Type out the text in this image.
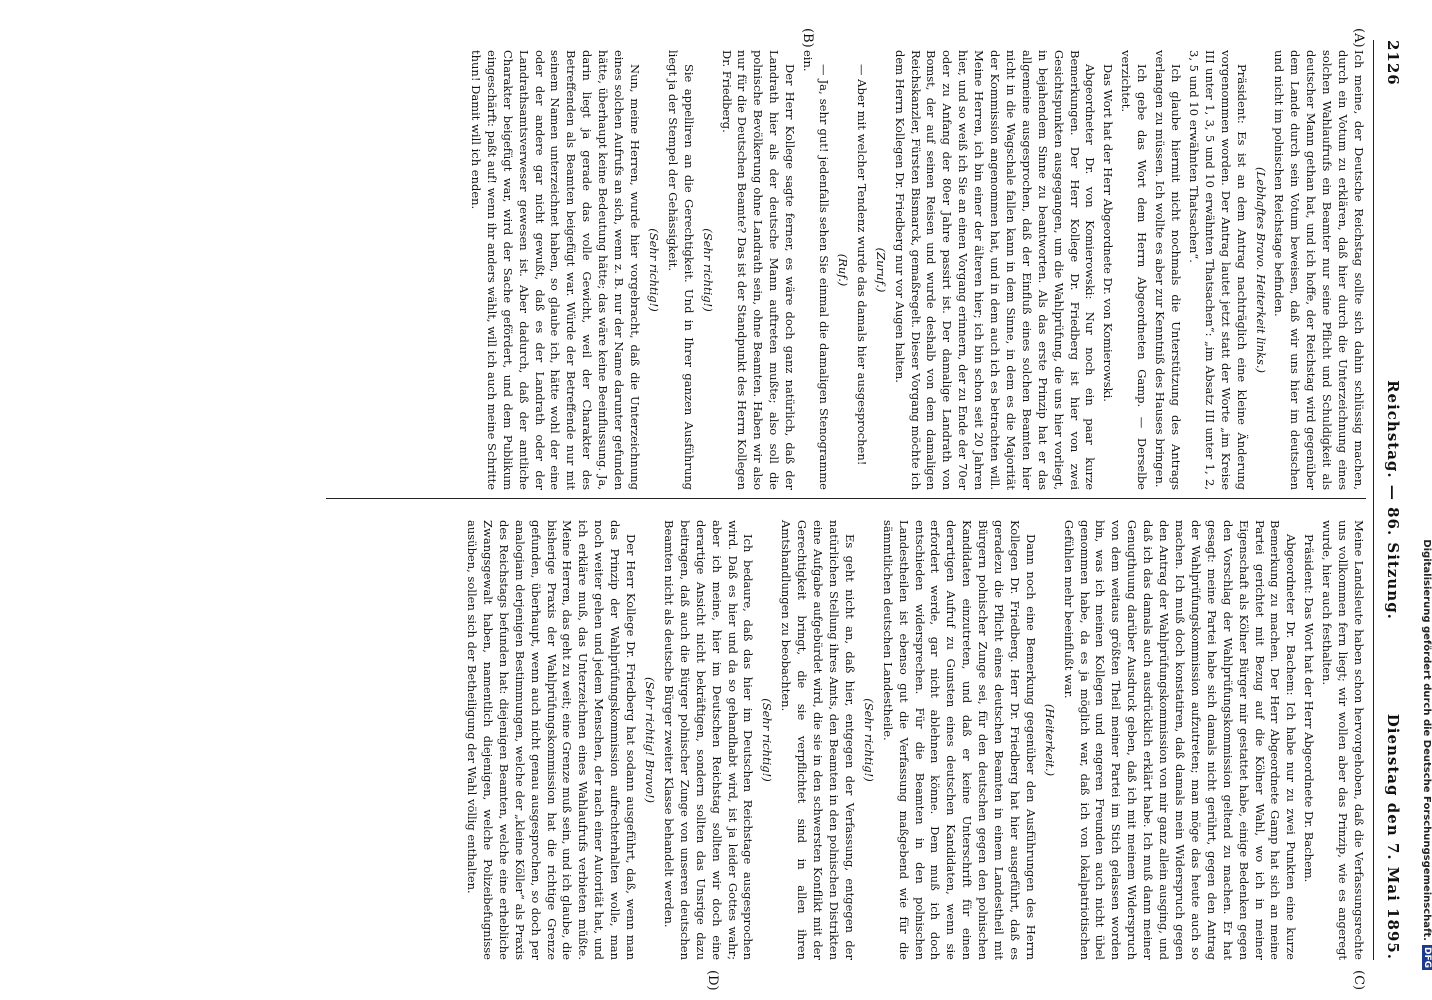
2126
Reichstag. — 86. Sitzung.
Dienstag den 7. Mai 1895.
(A)
(B)
(C)
(D)

Ich meine, der Deutsche Reichstag sollte sich dahin schlüssig machen, durch ein Votum zu erklären, daß hier durch die Unterzeichnung eines solchen Wahlaufrufs ein Beamter nur seine Pflicht und Schuldigkeit als deutscher Mann gethan hat, und ich hoffe, der Reichstag wird gegenüber dem Lande durch sein Votum beweisen, daß wir uns hier im deutschen und nicht im polnischen Reichstage befinden.

(Lebhaftes Bravo. Heiterkeit links.)

Präsident: Es ist an dem Antrag nachträglich eine kleine Änderung vorgenommen worden. Der Antrag lautet jetzt statt der Worte „im Kreise III unter 1, 3, 5 und 10 erwähnten Thatsachen“: „im Absatz III unter 1, 2, 3, 5 und 10 erwähnten Thatsachen“.

Ich glaube hiermit nicht nochmals die Unterstützung des Antrags verlangen zu müssen. Ich wollte es aber zur Kenntniß des Hauses bringen.

Ich gebe das Wort dem Herrn Abgeordneten Gamp. — Derselbe verzichtet.

Das Wort hat der Herr Abgeordnete Dr. von Komierowski.

Abgeordneter Dr. von Komierowski: Nur noch ein paar kurze Bemerkungen. Der Herr Kollege Dr. Friedberg ist hier von zwei Gesichtspunkten ausgegangen, um die Wahlprüfung, die uns hier vorliegt, in bejahendem Sinne zu beantworten. Als das erste Prinzip hat er das allgemeine ausgesprochen, daß der Einfluß eines solchen Beamten hier nicht in die Wagschale fallen kann in dem Sinne, in dem es die Majorität der Kommission angenommen hat, und in dem auch ich es betrachten will. Meine Herren, ich bin einer der älteren hier; ich bin schon seit 20 Jahren hier, und so weiß ich Sie an einen Vorgang erinnern, der zu Ende der 70er oder zu Anfang der 80er Jahre passirt ist. Der damalige Landrath von Bomst, der auf seinen Reisen und wurde deshalb von dem damaligen Reichskanzler, Fürsten Bismarck, gemaßregelt. Dieser Vorgang möchte ich dem Herrn Kollegen Dr. Friedberg nur vor Augen halten.

(Zuruf.)

— Aber mit welcher Tendenz wurde das damals hier ausgesprochen!

(Ruf.)

— Ja, sehr gut! jedenfalls sehen Sie einmal die damaligen Stenogramme ein.

Der Herr Kollege sagte ferner, es wäre doch ganz natürlich, daß der Landrath hier als der deutsche Mann auftreten mußte; also soll die polnische Bevölkerung ohne Landrath sein, ohne Beamten. Haben wir also nur für die Deutschen Beamte? Das ist der Standpunkt des Herrn Kollegen Dr. Friedberg.

(Sehr richtig!)

Sie appelliren an die Gerechtigkeit. Und in Ihrer ganzen Ausführung liegt ja der Stempel der Gehässigkeit.

(Sehr richtig!)

Nun, meine Herren, wurde hier vorgebracht, daß die Unterzeichnung eines solchen Aufrufs an sich, wenn z. B. nur der Name darunter gefunden hätte, überhaupt keine Bedeutung hätte; das wäre keine Beeinflussung. Ja, darin liegt ja gerade das volle Gewicht, weil der Charakter des Betreffenden als Beamten beigefügt war. Würde der Betreffende nur mit seinem Namen unterzeichnet haben, so glaube ich, hätte wohl der eine oder der andere gar nicht gewußt, daß es der Landrath oder der Landrathsamtsverweser gewesen ist. Aber dadurch, daß der amtliche Charakter beigefügt war, wird der Sache gefördert, und dem Publikum eingeschärft: paßt auf! wenn ihr anders wählt, will ich auch meine Schritte thun! Damit will ich enden.

Meine Landsleute haben schon hervorgehoben, daß die Verfassungsrechte uns vollkommen fern liegt; wir wollen aber das Prinzip, wie es angeregt wurde, hier auch festhalten.

Präsident: Das Wort hat der Herr Abgeordnete Dr. Bachem.

Abgeordneter Dr. Bachem: Ich habe nur zu zwei Punkten eine kurze Bemerkung zu machen. Der Herr Abgeordnete Gamp hat sich an meine Partei gerichtet mit Bezug auf die Kölner Wahl, wo ich in meiner Eigenschaft als Kölner Bürger mir gestattet habe, einige Bedenken gegen den Vorschlag der Wahlprüfungskommission geltend zu machen. Er hat gesagt: meine Partei habe sich damals nicht gerührt, gegen den Antrag der Wahlprüfungskommission aufzutreten; man möge das heute auch so machen. Ich muß doch konstatiren, daß damals mein Widerspruch gegen den Antrag der Wahlprüfungskommission von mir ganz allein ausging, und daß ich das damals auch ausdrücklich erklärt habe. Ich muß dann meiner Genugthuung darüber Ausdruck geben, daß ich mit meinem Widerspruch von dem weitaus größten Theil meiner Partei im Stich gelassen worden bin, was ich meinen Kollegen und engeren Freunden auch nicht übel genommen habe, da es ja möglich war, daß ich von lokalpatriotischen Gefühlen mehr beeinflußt war.

(Heiterkeit.)

Dann noch eine Bemerkung gegenüber den Ausführungen des Herrn Kollegen Dr. Friedberg. Herr Dr. Friedberg hat hier ausgeführt, daß es geradezu die Pflicht eines deutschen Beamten in einem Landestheil mit Bürgern polnischer Zunge sei, für den deutschen gegen den polnischen Kandidaten einzutreten, und daß er keine Unterschrift für einen derartigen Aufruf zu Gunsten eines deutschen Kandidaten, wenn sie erfordert werde, gar nicht ablehnen könne. Dem muß ich doch entschieden widersprechen. Für die Beamten in den polnischen Landestheilen ist ebenso gut die Verfassung maßgebend wie für die sämmtlichen deutschen Landestheile.

(Sehr richtig!)

Es geht nicht an, daß hier, entgegen der Verfassung, entgegen der natürlichen Stellung ihres Amts, den Beamten in den polnischen Distrikten eine Aufgabe aufgebürdet wird, die sie in den schwersten Konflikt mit der Gerechtigkeit bringt, die sie verpflichtet sind in allen ihren Amtshandlungen zu beobachten.

(Sehr richtig!)

Ich bedaure, daß das hier im Deutschen Reichstage ausgesprochen wird. Daß es hier und da so gehandhabt wird, ist ja leider Gottes wahr; aber ich meine, hier im Deutschen Reichstag sollten wir doch eine derartige Ansicht nicht bekräftigen, sondern sollten das Unsrige dazu beitragen, daß auch die Bürger polnischer Zunge von unseren deutschen Beamten nicht als deutsche Bürger zweiter Klasse behandelt werden.

(Sehr richtig! Bravo!)

Der Herr Kollege Dr. Friedberg hat sodann ausgeführt, daß, wenn man das Prinzip der Wahlprüfungskommission aufrechterhalten wolle, man noch weiter gehen und jedem Menschen, der nach einer Autorität hat, und ich erkläre muß, das Unterzeichnen eines Wahlaufrufs verbieten müßte. Meine Herren, das geht zu weit; eine Grenze muß sein, und ich glaube, die bisherige Praxis der Wahlprüfungskommission hat die richtige Grenze gefunden, überhaupt, wenn auch nicht genau ausgesprochen, so doch per analogiam derjenigen Bestimmungen, welche der „kleine Köller“ als Praxis des Reichstags befunden hat: diejenigen Beamten, welche eine erhebliche Zwangsgewalt haben, namentlich diejenigen, welche Polizeibefugnisse ausüben, sollen sich der Betheiligung der Wahl völlig enthalten.	Digitalisierung gefördert durch die Deutsche Forschungsgemeinschaft.DFG
